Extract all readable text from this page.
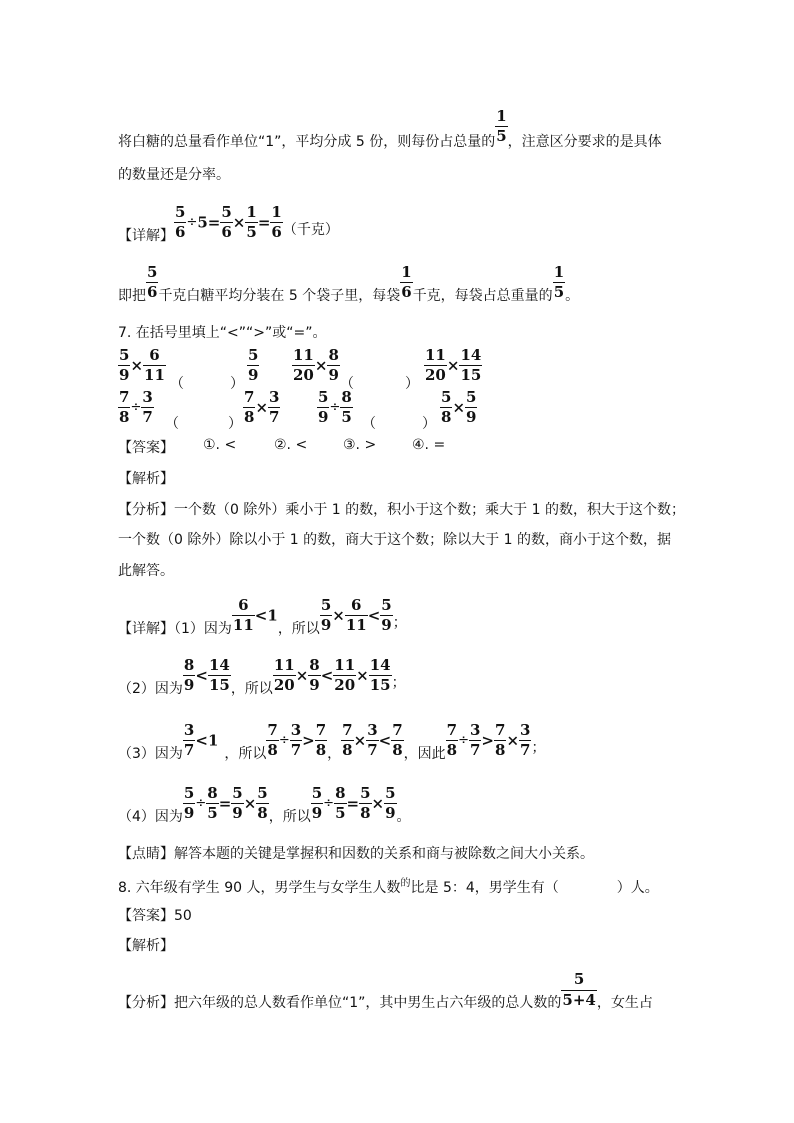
将白糖的总量看作单位“1”，平均分成 5 份，则每份占总量的 $\frac{1}{5}$ ，注意区分要求的是具体
的数量还是分率。
【详解】 $\frac{5}{6} \div 5= \frac{5}{6} \times \frac{1}{5} = \frac{1}{6}$ （千克）
即把 $\frac{5}{6}$ 千克白糖平均分装在 5 个袋子里，每袋 $\frac{1}{6}$ 千克，每袋占总重量的 $\frac{1}{5}$ 。
7. 在括号里填上“<”“>”或“=”。
$\frac{5}{9} \times \frac{6}{11}$ （	） $\frac{5}{9} \frac{11}{20} \times \frac{8}{9}$ （	） $\frac{11}{20} \times \frac{14}{15}$
$\frac{7}{8} \div \frac{3}{7}$ （	） $\frac{7}{8} \times \frac{3}{7} \frac{5}{9} \div \frac{8}{5}$ （	） $\frac{5}{8} \times \frac{5}{9}$
【答案】 ①. <	②. <	③. >	④. =
【解析】
【分析】一个数（0 除外）乘小于 1 的数，积小于这个数；乘大于 1 的数，积大于这个数；
一个数（0 除外）除以小于 1 的数，商大于这个数；除以大于 1 的数，商小于这个数，据
此解答。
【详解】（1）因为 $\frac{6}{11} <1$，所以 $\frac{5}{9} \times \frac{6}{11} < \frac{5}{9}$ ；
（2）因为 $\frac{8}{9} < \frac{14}{15}$ ，所以 $\frac{11}{20} \times \frac{8}{9} < \frac{11}{20} \times \frac{14}{15}$ ；
（3）因为 $\frac{3}{7} <1$，所以 $\frac{7}{8} \div \frac{3}{7} > \frac{7}{8}$ ， $\frac{7}{8} \times \frac{3}{7} < \frac{7}{8}$ ，因此 $\frac{7}{8} \div \frac{3}{7} > \frac{7}{8} \times \frac{3}{7}$ ；
（4）因为 $\frac{5}{9} \div \frac{8}{5} = \frac{5}{9} \times \frac{5}{8}$ ，所以 $\frac{5}{9} \div \frac{8}{5} = \frac{5}{8} \times \frac{5}{9}$ 。
【点睛】解答本题的关键是掌握积和因数的关系和商与被除数之间大小关系。
8. 六年级有学生 90 人，男学生与女学生人数$^的$比是 5：4，男学生有（	）人。
【答案】50
【解析】
【分析】把六年级的总人数看作单位“1”，其中男生占六年级的总人数的 $\frac{5}{5+4}$ ，女生占
